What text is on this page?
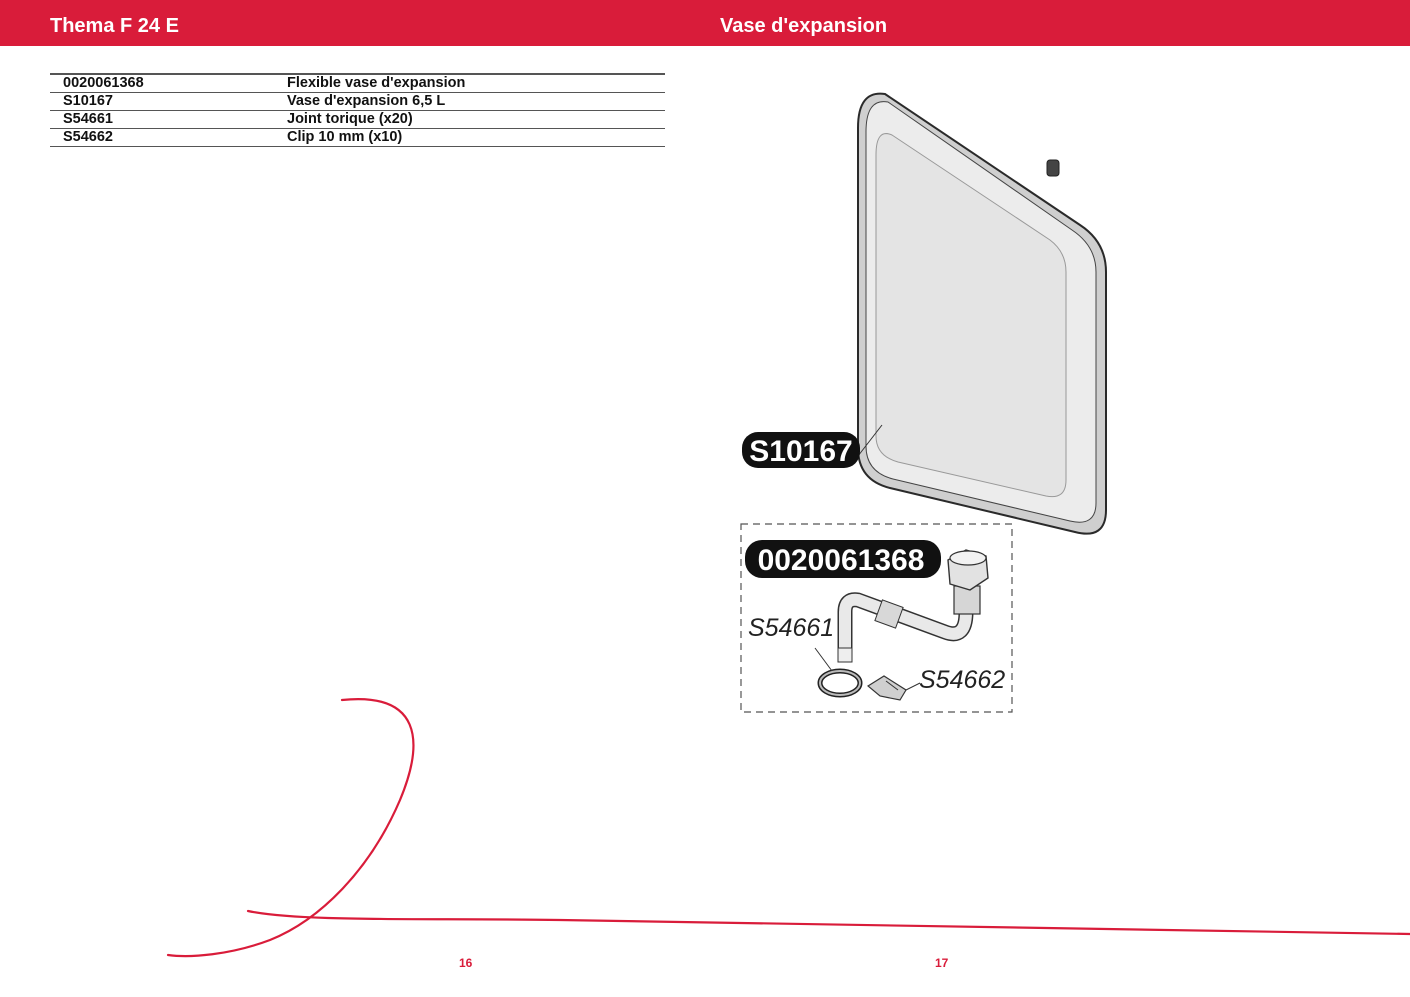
Thema F 24 E	Vase d'expansion
0020061368	Flexible vase d'expansion
S10167	Vase d'expansion 6,5 L
S54661	Joint torique (x20)
S54662	Clip 10 mm (x10)
S10167
0020061368
S54661
S54662
16	17
